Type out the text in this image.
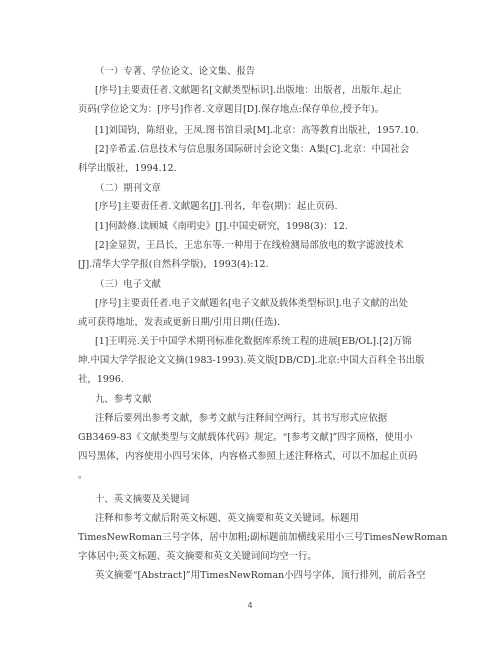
（一）专著、学位论文、论文集、报告
[序号]主要责任者.文献题名[文献类型标识].出版地：出版者，出版年.起止
页码(学位论文为：[序号]作者.文章题目[D].保存地点:保存单位,授予年)。
[1]刘国钧，陈绍业，王凤.图书馆目录[M].北京：高等教育出版社，1957.10.
[2]辛希孟.信息技术与信息服务国际研讨会论文集：A集[C].北京：中国社会
科学出版社，1994.12.
（二）期刊文章
[序号]主要责任者.文献题名[J].刊名，年卷(期)：起止页码.
[1]何龄修.读顾城《南明史》[J].中国史研究，1998(3)：12.
[2]金显贺，王昌长，王忠东等.一种用于在线检测局部放电的数字滤波技术
[J].清华大学学报(自然科学版)，1993(4):12.
（三）电子文献
[序号]主要责任者.电子文献题名[电子文献及载体类型标识].电子文献的出处
或可获得地址，发表或更新日期/引用日期(任选).
[1]王明亮.关于中国学术期刊标准化数据库系统工程的进展[EB/OL].[2]万锦
坤.中国大学学报论文文摘(1983-1993).英文版[DB/CD].北京:中国大百科全书出版
社，1996.
九、参考文献
注释后要列出参考文献，参考文献与注释间空两行，其书写形式应依据
GB3469-83《文献类型与文献载体代码》规定。“[参考文献]”四字顶格，使用小
四号黑体，内容使用小四号宋体，内容格式参照上述注释格式，可以不加起止页码
。
十、英文摘要及关键词
注释和参考文献后附英文标题、英文摘要和英文关键词。标题用
TimesNewRoman三号字体，居中加粗;副标题前加横线采用小三号TimesNewRoman
字体居中;英文标题、英文摘要和英文关键词间均空一行。
英文摘要“[Abstract]”用TimesNewRoman小四号字体，顶行排列，前后各空
4
